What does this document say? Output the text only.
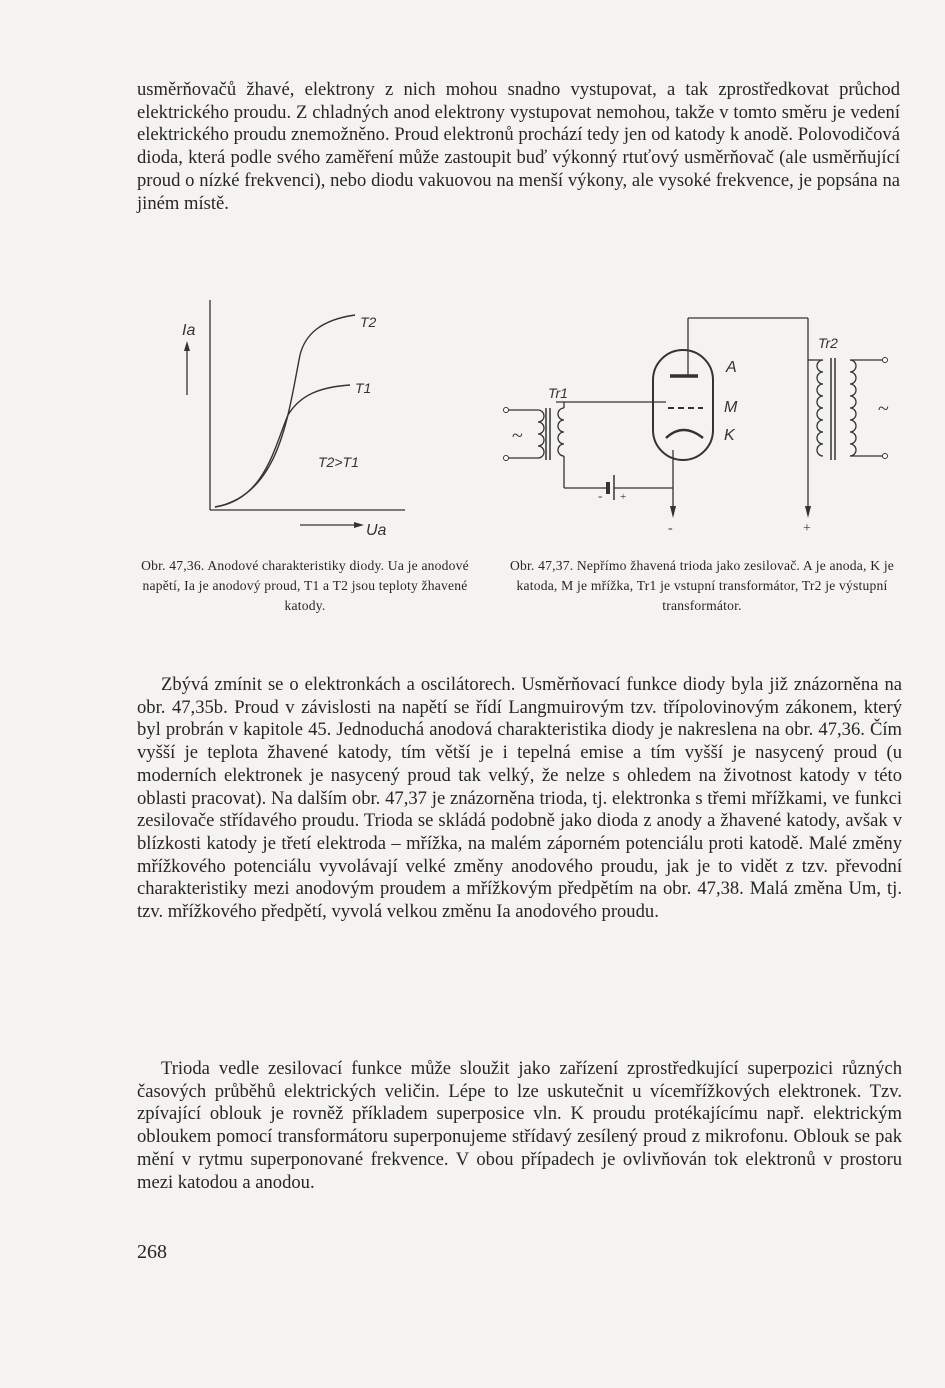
usměrňovačů žhavé, elektrony z nich mohou snadno vystupovat, a tak zprostředkovat průchod elektrického proudu. Z chladných anod elektrony vystupovat nemohou, takže v tomto směru je vedení elektrického proudu znemožněno. Proud elektronů prochází tedy jen od katody k anodě. Polovodičová dioda, která podle svého zaměření může zastoupit buď výkonný rtuťový usměrňovač (ale usměrňující proud o nízké frekvenci), nebo diodu vakuovou na menší výkony, ale vysoké frekvence, je popsána na jiném místě.

Ia
Ua
T2
T1
T2>T1
Tr1
Tr2
A
M
K
~
~
-	+
- +

Obr. 47,36. Anodové charakteristiky diody. Ua je anodové napětí, Ia je anodový proud, T1 a T2 jsou teploty žhavené katody.

Obr. 47,37. Nepřímo žhavená trioda jako zesilovač. A je anoda, K je katoda, M je mřížka, Tr1 je vstupní transformátor, Tr2 je výstupní transformátor.

Zbývá zmínit se o elektronkách a oscilátorech. Usměrňovací funkce diody byla již znázorněna na obr. 47,35b. Proud v závislosti na napětí se řídí Langmuirovým tzv. třípolovinovým zákonem, který byl probrán v kapitole 45. Jednoduchá anodová charakteristika diody je nakreslena na obr. 47,36. Čím vyšší je teplota žhavené katody, tím větší je i tepelná emise a tím vyšší je nasycený proud (u moderních elektronek je nasycený proud tak velký, že nelze s ohledem na životnost katody v této oblasti pracovat). Na dalším obr. 47,37 je znázorněna trioda, tj. elektronka s třemi mřížkami, ve funkci zesilovače střídavého proudu. Trioda se skládá podobně jako dioda z anody a žhavené katody, avšak v blízkosti katody je třetí elektroda – mřížka, na malém záporném potenciálu proti katodě. Malé změny mřížkového potenciálu vyvolávají velké změny anodového proudu, jak je to vidět z tzv. převodní charakteristiky mezi anodovým proudem a mřížkovým předpětím na obr. 47,38. Malá změna Um, tj. tzv. mřížkového předpětí, vyvolá velkou změnu Ia anodového proudu.

Trioda vedle zesilovací funkce může sloužit jako zařízení zprostředkující superpozici různých časových průběhů elektrických veličin. Lépe to lze uskutečnit u vícemřížkových elektronek. Tzv. zpívající oblouk je rovněž příkladem superposice vln. K proudu protékajícímu např. elektrickým obloukem pomocí transformátoru superponujeme střídavý zesílený proud z mikrofonu. Oblouk se pak mění v rytmu superponované frekvence. V obou případech je ovlivňován tok elektronů v prostoru mezi katodou a anodou.

268
